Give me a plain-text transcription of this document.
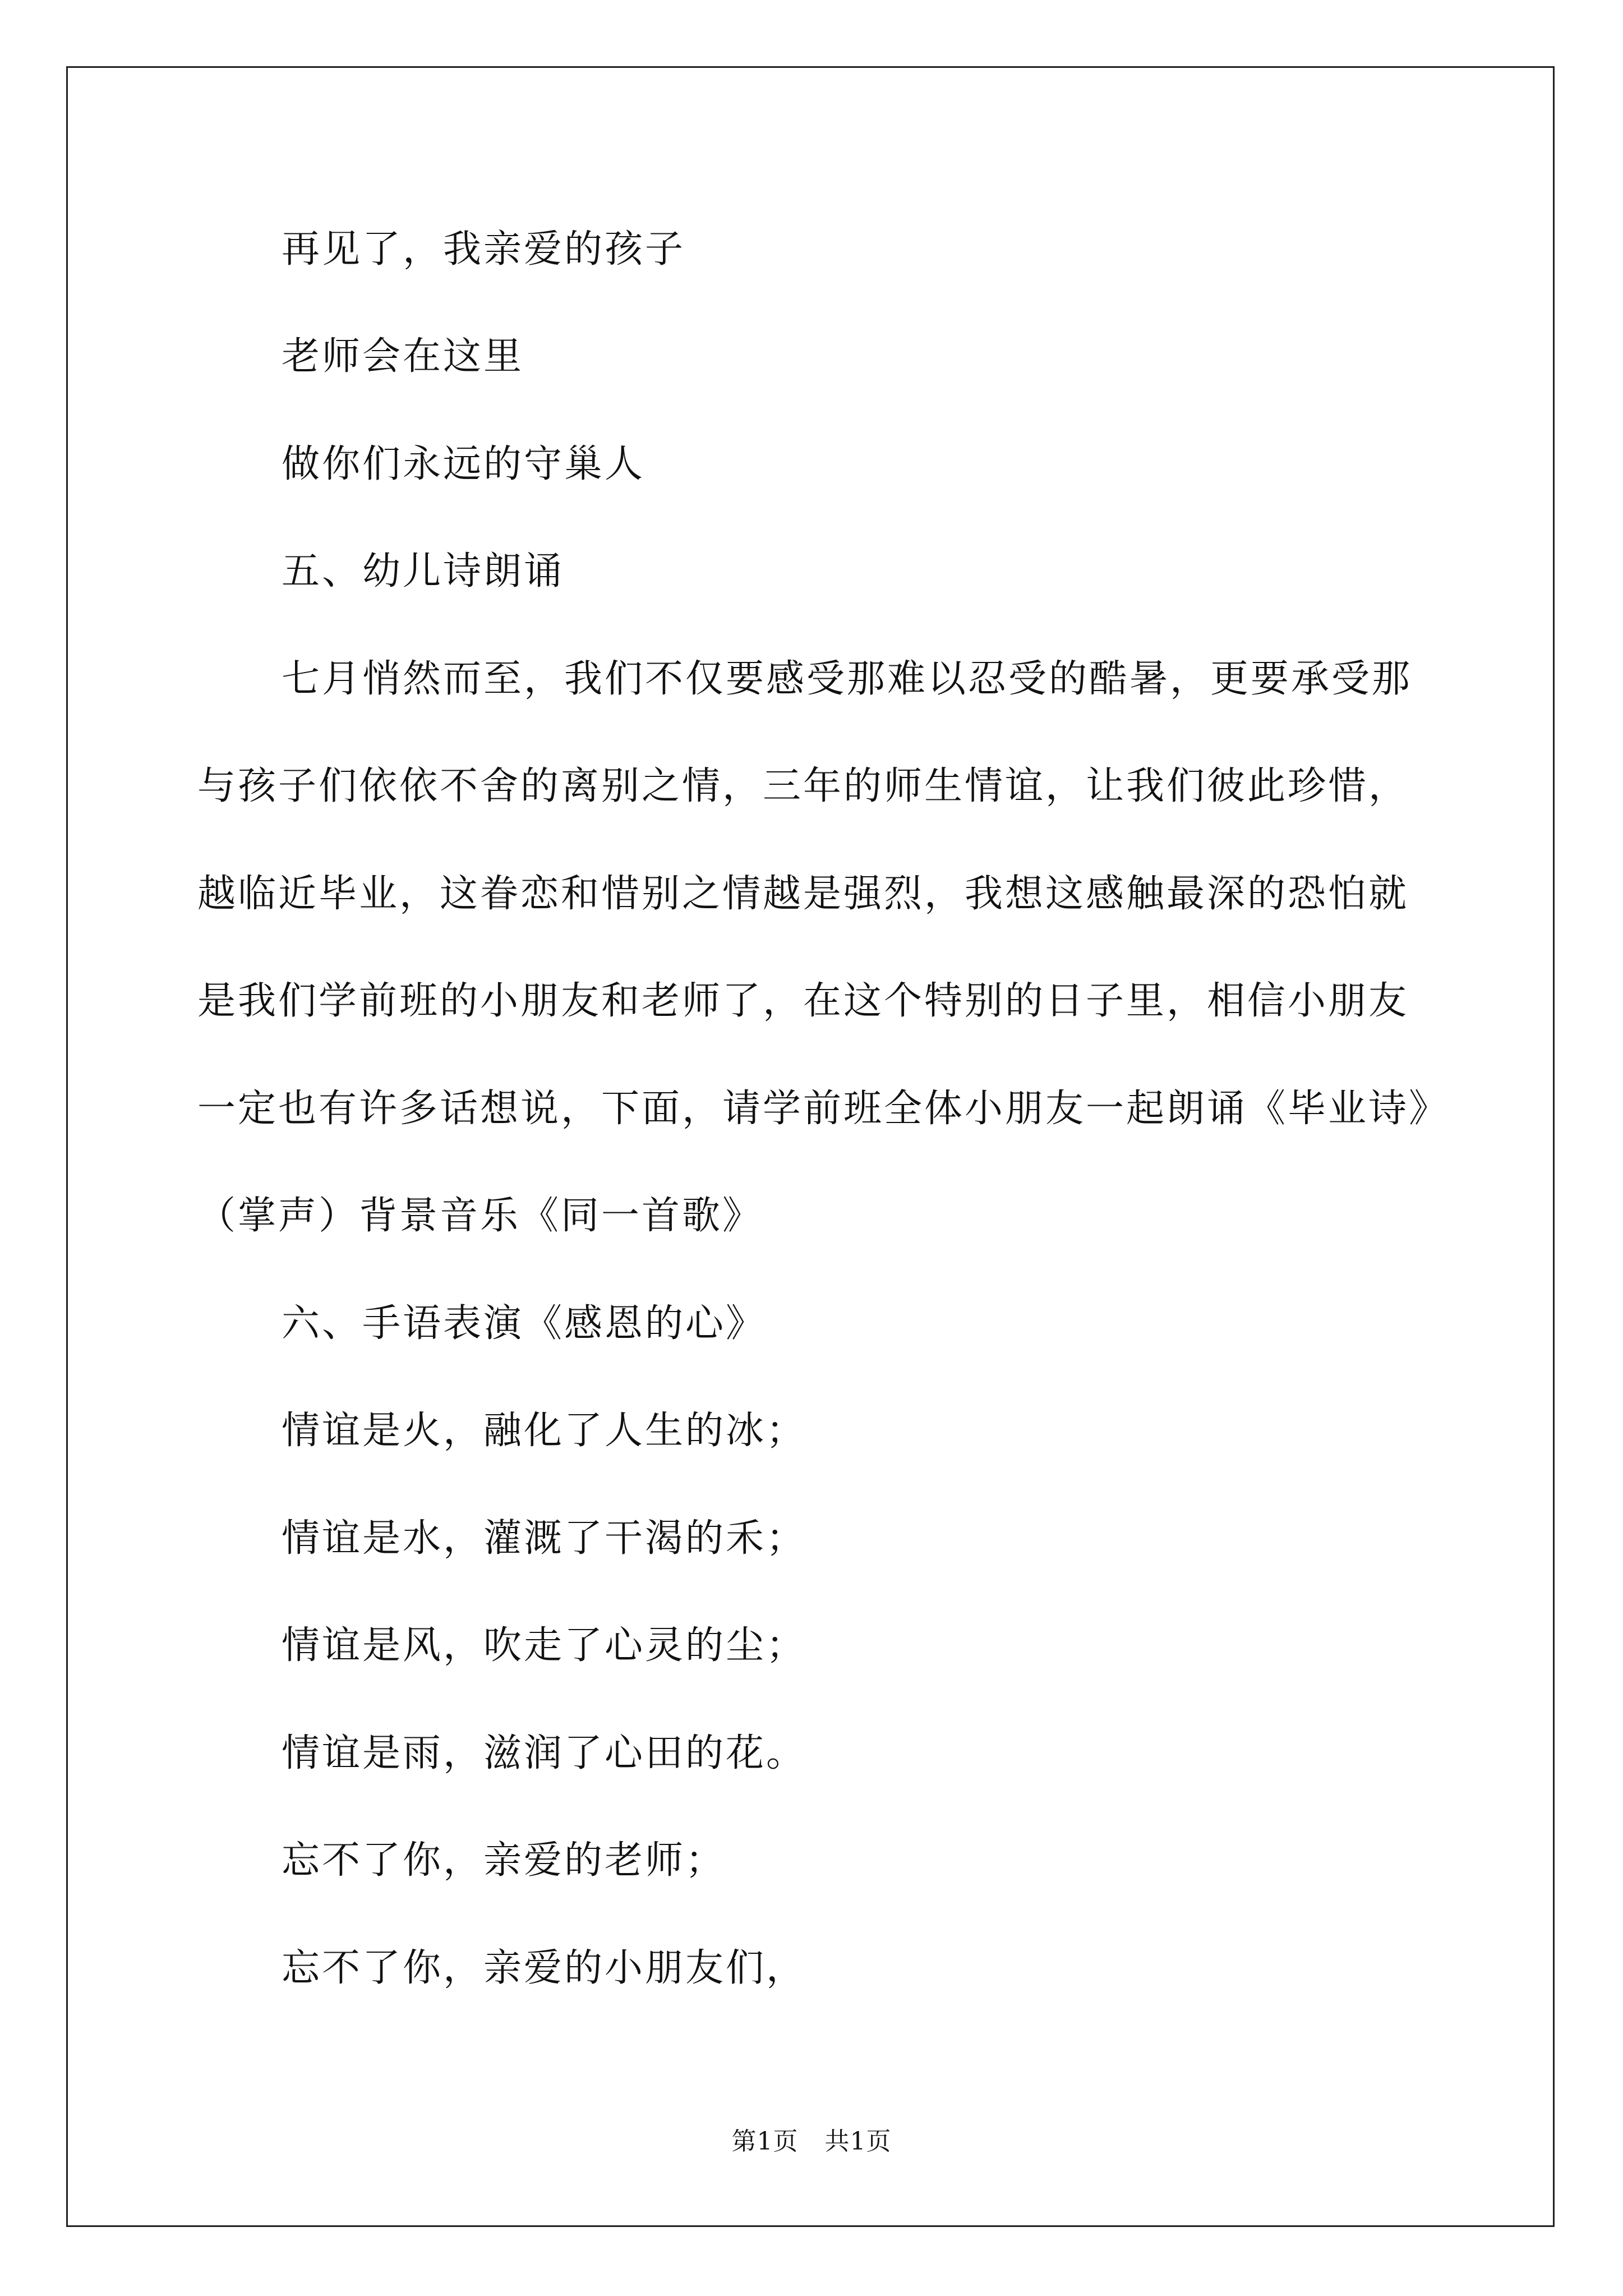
再见了，我亲爱的孩子
老师会在这里
做你们永远的守巢人
五、幼儿诗朗诵
七月悄然而至，我们不仅要感受那难以忍受的酷暑，更要承受那
与孩子们依依不舍的离别之情，三年的师生情谊，让我们彼此珍惜，
越临近毕业，这眷恋和惜别之情越是强烈，我想这感触最深的恐怕就
是我们学前班的小朋友和老师了，在这个特别的日子里，相信小朋友
一定也有许多话想说，下面，请学前班全体小朋友一起朗诵《毕业诗》
（掌声）背景音乐《同一首歌》
六、手语表演《感恩的心》
情谊是火，融化了人生的冰；
情谊是水，灌溉了干渴的禾；
情谊是风，吹走了心灵的尘；
情谊是雨，滋润了心田的花。
忘不了你，亲爱的老师；
忘不了你，亲爱的小朋友们，
第1页 共1页
